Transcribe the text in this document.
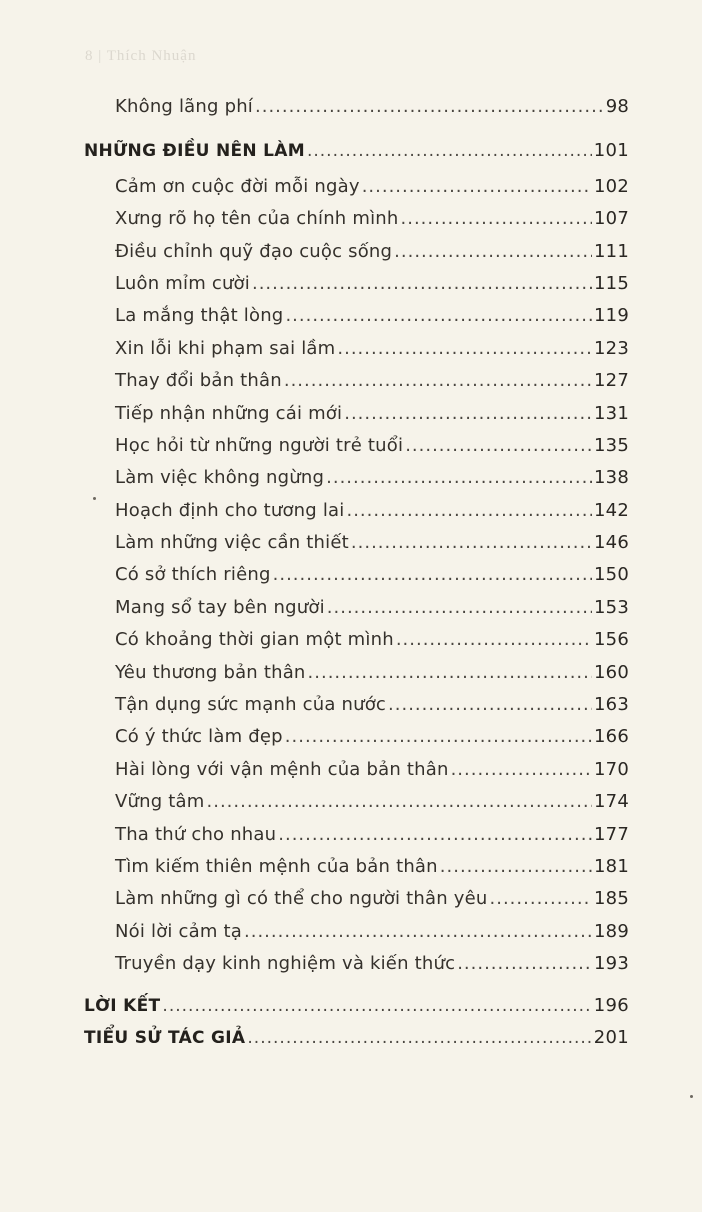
8 | Thích Nhuận
Không lãng phí .....	98
NHỮNG ĐIỀU NÊN LÀM .....	101
Cảm ơn cuộc đời mỗi ngày .....	102
Xưng rõ họ tên của chính mình .....	107
Điều chỉnh quỹ đạo cuộc sống .....	111
Luôn mỉm cười .....	115
La mắng thật lòng .....	119
Xin lỗi khi phạm sai lầm .....	123
Thay đổi bản thân .....	127
Tiếp nhận những cái mới .....	131
Học hỏi từ những người trẻ tuổi .....	135
Làm việc không ngừng .....	138
Hoạch định cho tương lai .....	142
Làm những việc cần thiết .....	146
Có sở thích riêng .....	150
Mang sổ tay bên người .....	153
Có khoảng thời gian một mình .....	156
Yêu thương bản thân .....	160
Tận dụng sức mạnh của nước .....	163
Có ý thức làm đẹp .....	166
Hài lòng với vận mệnh của bản thân .....	170
Vững tâm .....	174
Tha thứ cho nhau .....	177
Tìm kiếm thiên mệnh của bản thân .....	181
Làm những gì có thể cho người thân yêu .....	185
Nói lời cảm tạ .....	189
Truyền dạy kinh nghiệm và kiến thức .....	193
LỜI KẾT .....	196
TIỂU SỬ TÁC GIẢ .....	201
